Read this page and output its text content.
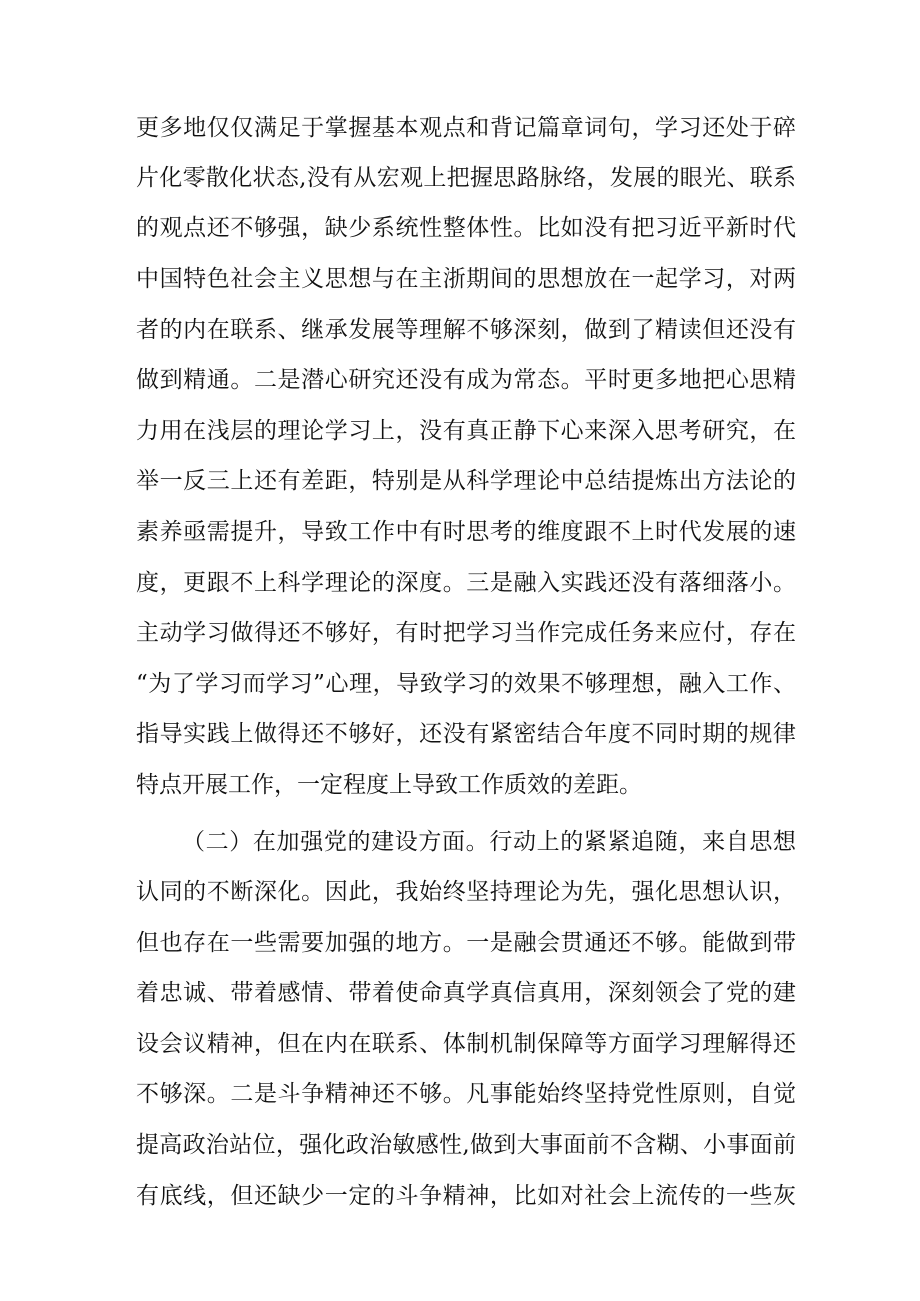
更多地仅仅满足于掌握基本观点和背记篇章词句，学习还处于碎
片化零散化状态,没有从宏观上把握思路脉络，发展的眼光、联系
的观点还不够强，缺少系统性整体性。比如没有把习近平新时代
中国特色社会主义思想与在主浙期间的思想放在一起学习，对两
者的内在联系、继承发展等理解不够深刻，做到了精读但还没有
做到精通。二是潜心研究还没有成为常态。平时更多地把心思精
力用在浅层的理论学习上，没有真正静下心来深入思考研究，在
举一反三上还有差距，特别是从科学理论中总结提炼出方法论的
素养亟需提升，导致工作中有时思考的维度跟不上时代发展的速
度，更跟不上科学理论的深度。三是融入实践还没有落细落小。
主动学习做得还不够好，有时把学习当作完成任务来应付，存在
“为了学习而学习”心理，导致学习的效果不够理想，融入工作、
指导实践上做得还不够好，还没有紧密结合年度不同时期的规律
特点开展工作，一定程度上导致工作质效的差距。
（二）在加强党的建设方面。行动上的紧紧追随，来自思想
认同的不断深化。因此，我始终坚持理论为先，强化思想认识，
但也存在一些需要加强的地方。一是融会贯通还不够。能做到带
着忠诚、带着感情、带着使命真学真信真用，深刻领会了党的建
设会议精神，但在内在联系、体制机制保障等方面学习理解得还
不够深。二是斗争精神还不够。凡事能始终坚持党性原则，自觉
提高政治站位，强化政治敏感性,做到大事面前不含糊、小事面前
有底线，但还缺少一定的斗争精神，比如对社会上流传的一些灰
